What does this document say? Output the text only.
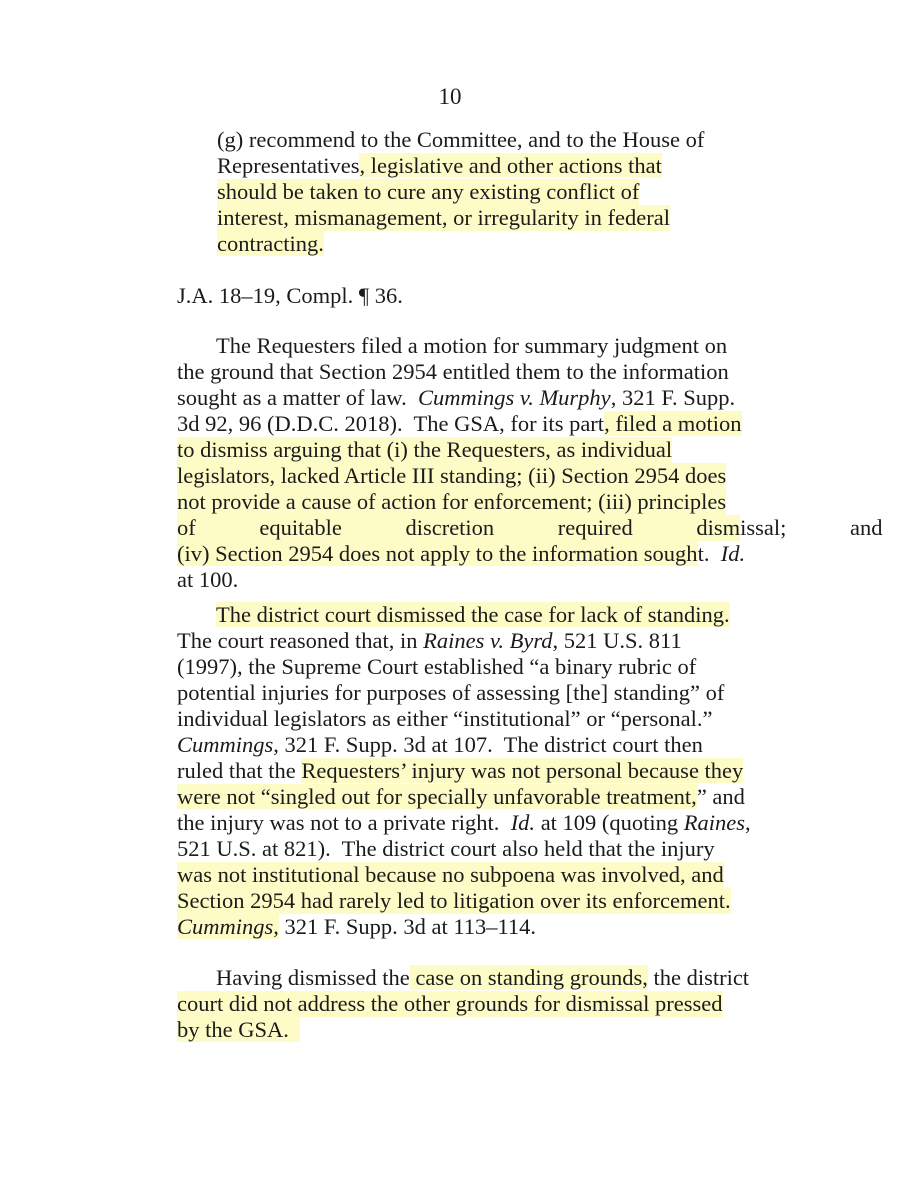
10
(g) recommend to the Committee, and to the House of
Representatives, legislative and other actions that
should be taken to cure any existing conflict of
interest, mismanagement, or irregularity in federal
contracting.
J.A. 18–19, Compl. ¶ 36.
The Requesters filed a motion for summary judgment on
the ground that Section 2954 entitled them to the information
sought as a matter of law. Cummings v. Murphy, 321 F. Supp.
3d 92, 96 (D.D.C. 2018).  The GSA, for its part, filed a motion
to dismiss arguing that (i) the Requesters, as individual
legislators, lacked Article III standing; (ii) Section 2954 does
not provide a cause of action for enforcement; (iii) principles
of equitable discretion required dismissal; and
(iv) Section 2954 does not apply to the information sought. Id.
at 100.
The district court dismissed the case for lack of standing.
The court reasoned that, in Raines v. Byrd, 521 U.S. 811
(1997), the Supreme Court established “a binary rubric of
potential injuries for purposes of assessing [the] standing” of
individual legislators as either “institutional” or “personal.”
Cummings, 321 F. Supp. 3d at 107.  The district court then
ruled that the Requesters’ injury was not personal because they
were not “singled out for specially unfavorable treatment,” and
the injury was not to a private right. Id. at 109 (quoting Raines,
521 U.S. at 821).  The district court also held that the injury
was not institutional because no subpoena was involved, and
Section 2954 had rarely led to litigation over its enforcement.
Cummings, 321 F. Supp. 3d at 113–114.
Having dismissed the case on standing grounds, the district
court did not address the other grounds for dismissal pressed
by the GSA.
